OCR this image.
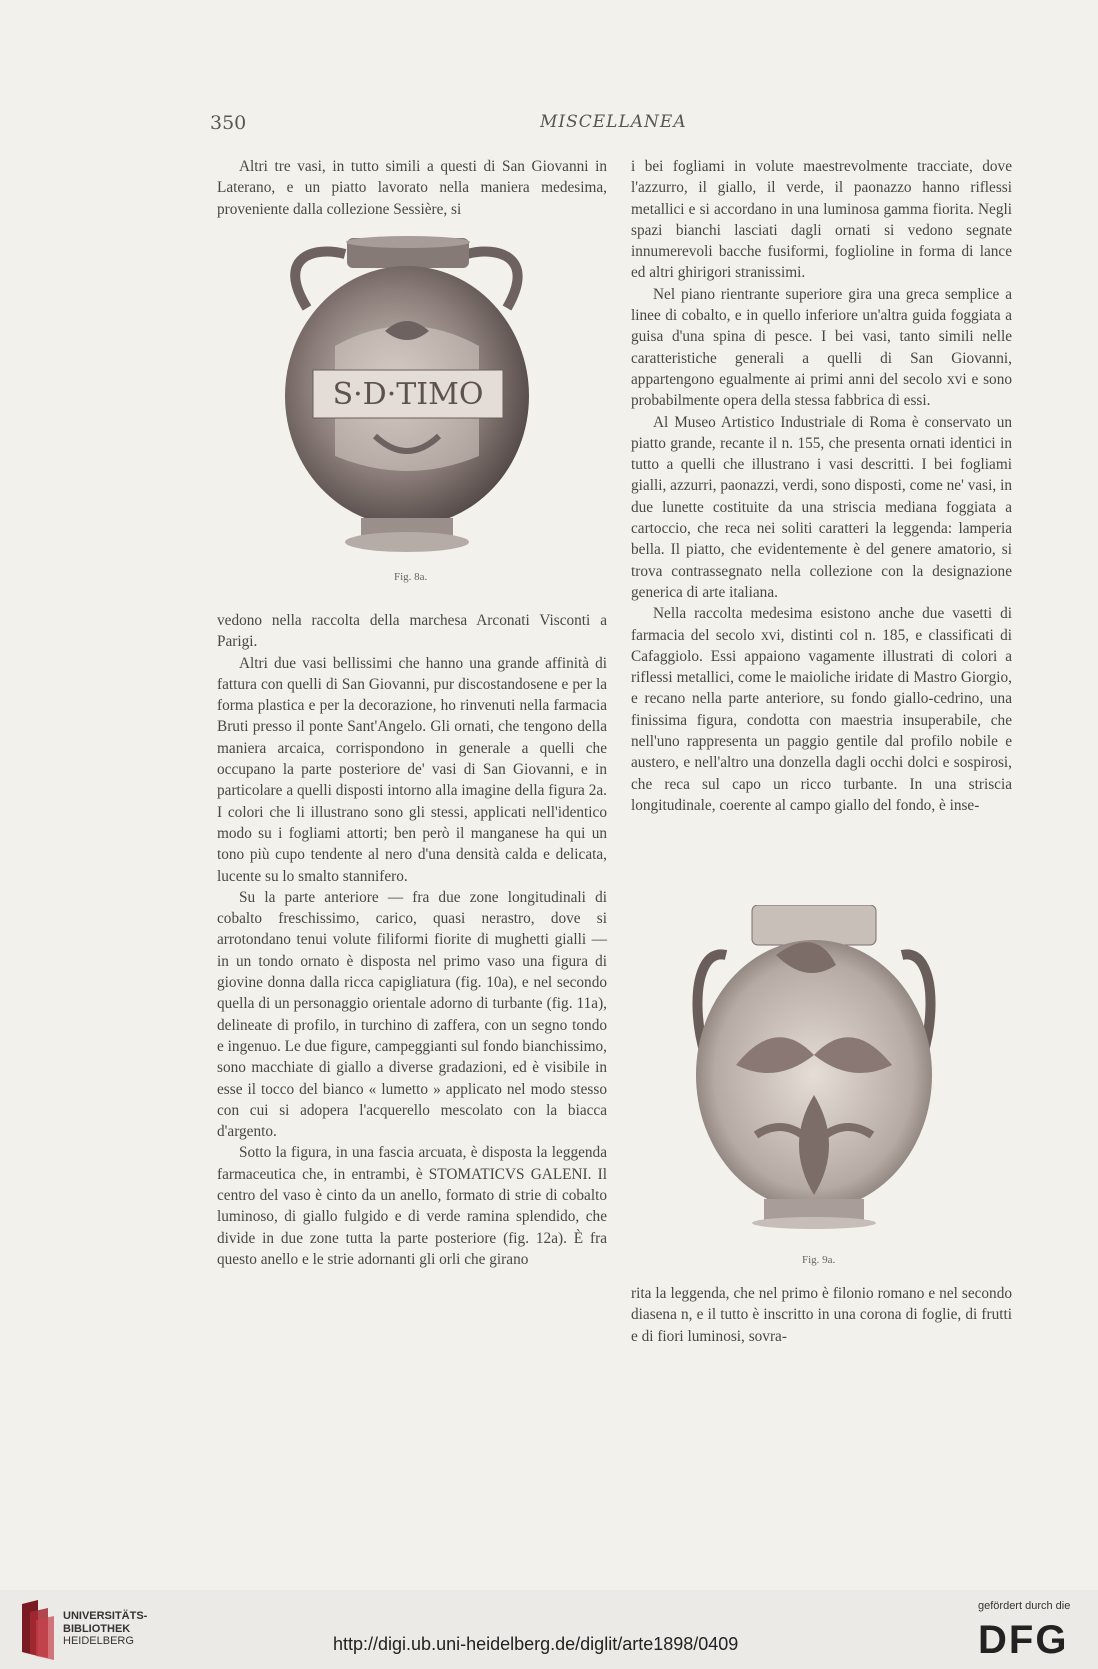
350	MISCELLANEA

Altri tre vasi, in tutto simili a questi di San Giovanni in Laterano, e un piatto lavorato nella maniera medesima, proveniente dalla collezione Sessière, si

S·D·TIMO
Fig. 8a.

vedono nella raccolta della marchesa Arconati Visconti a Parigi.

Altri due vasi bellissimi che hanno una grande affinità di fattura con quelli di San Giovanni, pur discostandosene e per la forma plastica e per la decorazione, ho rinvenuti nella farmacia Bruti presso il ponte Sant'Angelo. Gli ornati, che tengono della maniera arcaica, corrispondono in generale a quelli che occupano la parte posteriore de' vasi di San Giovanni, e in particolare a quelli disposti intorno alla imagine della figura 2a. I colori che li illustrano sono gli stessi, applicati nell'identico modo su i fogliami attorti; ben però il manganese ha qui un tono più cupo tendente al nero d'una densità calda e delicata, lucente su lo smalto stannifero.

Su la parte anteriore — fra due zone longitudinali di cobalto freschissimo, carico, quasi nerastro, dove si arrotondano tenui volute filiformi fiorite di mughetti gialli — in un tondo ornato è disposta nel primo vaso una figura di giovine donna dalla ricca capigliatura (fig. 10a), e nel secondo quella di un personaggio orientale adorno di turbante (fig. 11a), delineate di profilo, in turchino di zaffera, con un segno tondo e ingenuo. Le due figure, campeggianti sul fondo bianchissimo, sono macchiate di giallo a diverse gradazioni, ed è visibile in esse il tocco del bianco « lumetto » applicato nel modo stesso con cui si adopera l'acquerello mescolato con la biacca d'argento.

Sotto la figura, in una fascia arcuata, è disposta la leggenda farmaceutica che, in entrambi, è STOMATICVS GALENI. Il centro del vaso è cinto da un anello, formato di strie di cobalto luminoso, di giallo fulgido e di verde ramina splendido, che divide in due zone tutta la parte posteriore (fig. 12a). È fra questo anello e le strie adornanti gli orli che girano

i bei fogliami in volute maestrevolmente tracciate, dove l'azzurro, il giallo, il verde, il paonazzo hanno riflessi metallici e si accordano in una luminosa gamma fiorita. Negli spazi bianchi lasciati dagli ornati si vedono segnate innumerevoli bacche fusiformi, foglioline in forma di lance ed altri ghirigori stranissimi.

Nel piano rientrante superiore gira una greca semplice a linee di cobalto, e in quello inferiore un'altra guida foggiata a guisa d'una spina di pesce. I bei vasi, tanto simili nelle caratteristiche generali a quelli di San Giovanni, appartengono egualmente ai primi anni del secolo xvi e sono probabilmente opera della stessa fabbrica di essi.

Al Museo Artistico Industriale di Roma è conservato un piatto grande, recante il n. 155, che presenta ornati identici in tutto a quelli che illustrano i vasi descritti. I bei fogliami gialli, azzurri, paonazzi, verdi, sono disposti, come ne' vasi, in due lunette costituite da una striscia mediana foggiata a cartoccio, che reca nei soliti caratteri la leggenda: lamperia bella. Il piatto, che evidentemente è del genere amatorio, si trova contrassegnato nella collezione con la designazione generica di arte italiana.

Nella raccolta medesima esistono anche due vasetti di farmacia del secolo xvi, distinti col n. 185, e classificati di Cafaggiolo. Essi appaiono vagamente illustrati di colori a riflessi metallici, come le maioliche iridate di Mastro Giorgio, e recano nella parte anteriore, su fondo giallo-cedrino, una finissima figura, condotta con maestria insuperabile, che nell'uno rappresenta un paggio gentile dal profilo nobile e austero, e nell'altro una donzella dagli occhi dolci e sospirosi, che reca sul capo un ricco turbante. In una striscia longitudinale, coerente al campo giallo del fondo, è inse-

Fig. 9a.

rita la leggenda, che nel primo è filonio romano e nel secondo diasena n, e il tutto è inscritto in una corona di foglie, di frutti e di fiori luminosi, sovra-

UNIVERSITÄTS-
BIBLIOTHEK
HEIDELBERG	http://digi.ub.uni-heidelberg.de/diglit/arte1898/0409
gefördert durch die
DFG
